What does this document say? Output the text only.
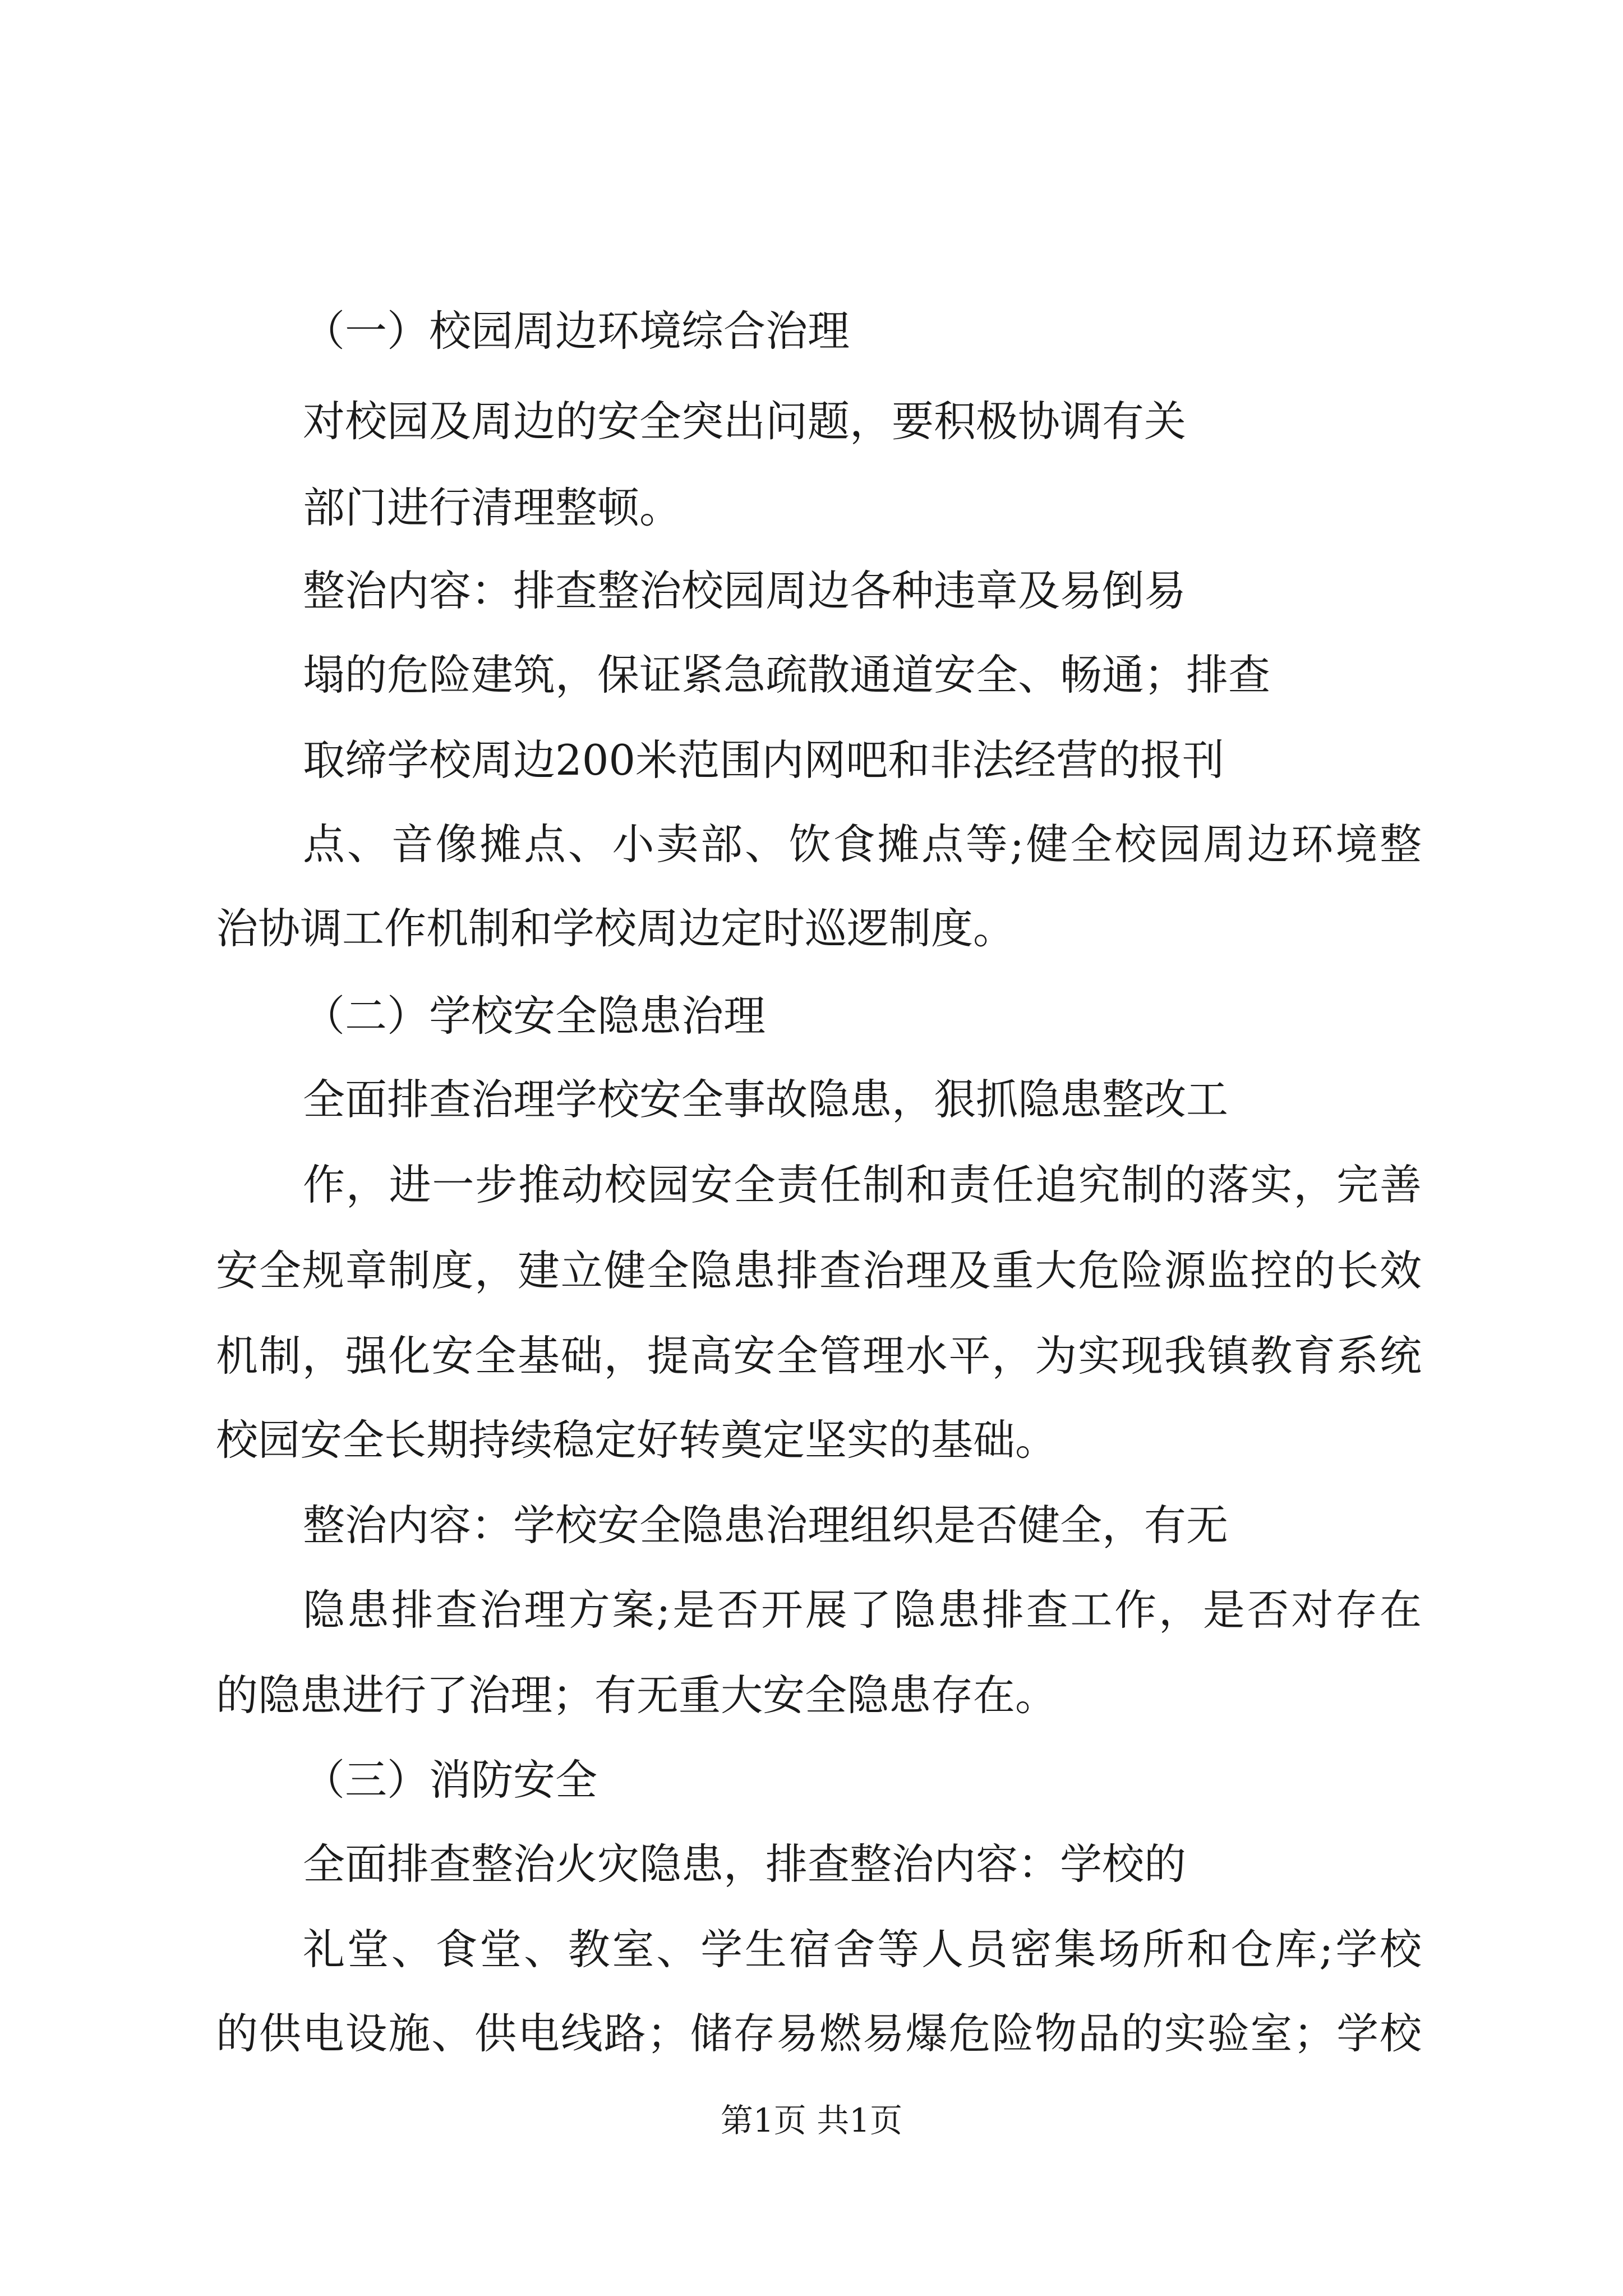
（一）校园周边环境综合治理
对校园及周边的安全突出问题，要积极协调有关
部门进行清理整顿。
整治内容：排查整治校园周边各种违章及易倒易
塌的危险建筑，保证紧急疏散通道安全、畅通；排查
取缔学校周边200米范围内网吧和非法经营的报刊
点、音像摊点、小卖部、饮食摊点等;健全校园周边环境整
治协调工作机制和学校周边定时巡逻制度。
（二）学校安全隐患治理
全面排查治理学校安全事故隐患，狠抓隐患整改工
作，进一步推动校园安全责任制和责任追究制的落实，完善
安全规章制度，建立健全隐患排查治理及重大危险源监控的长效
机制，强化安全基础，提高安全管理水平，为实现我镇教育系统
校园安全长期持续稳定好转奠定坚实的基础。
整治内容：学校安全隐患治理组织是否健全，有无
隐患排查治理方案;是否开展了隐患排查工作，是否对存在
的隐患进行了治理；有无重大安全隐患存在。
（三）消防安全
全面排查整治火灾隐患，排查整治内容：学校的
礼堂、食堂、教室、学生宿舍等人员密集场所和仓库;学校
的供电设施、供电线路；储存易燃易爆危险物品的实验室；学校
第1页 共1页
